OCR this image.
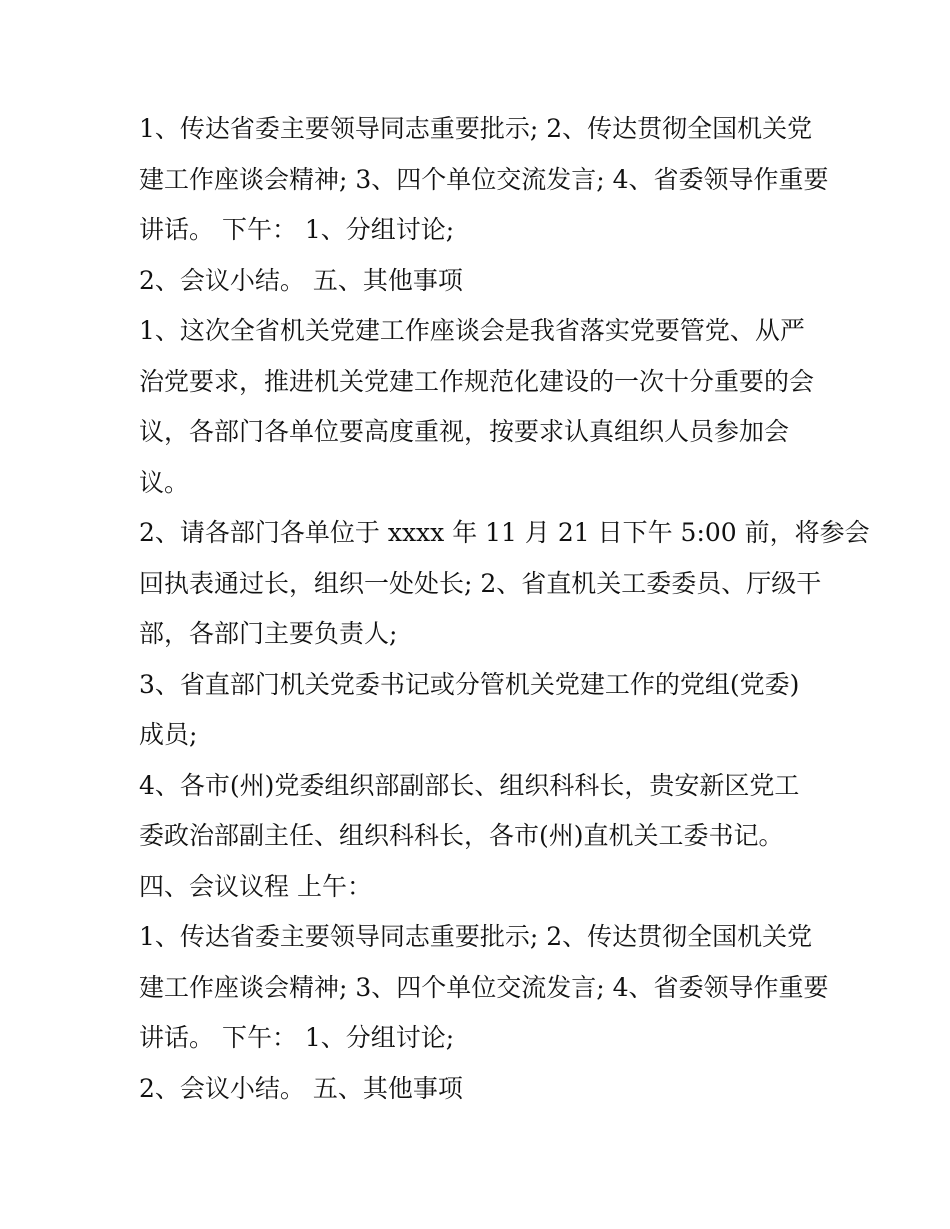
1、传达省委主要领导同志重要批示; 2、传达贯彻全国机关党
建工作座谈会精神; 3、四个单位交流发言; 4、省委领导作重要
讲话。 下午： 1、分组讨论;
2、会议小结。 五、其他事项
1、这次全省机关党建工作座谈会是我省落实党要管党、从严
治党要求，推进机关党建工作规范化建设的一次十分重要的会
议，各部门各单位要高度重视，按要求认真组织人员参加会
议。
2、请各部门各单位于 xxxx 年 11 月 21 日下午 5:00 前，将参会
回执表通过长，组织一处处长; 2、省直机关工委委员、厅级干
部，各部门主要负责人;
3、省直部门机关党委书记或分管机关党建工作的党组(党委)
成员;
4、各市(州)党委组织部副部长、组织科科长，贵安新区党工
委政治部副主任、组织科科长，各市(州)直机关工委书记。
四、会议议程 上午：
1、传达省委主要领导同志重要批示; 2、传达贯彻全国机关党
建工作座谈会精神; 3、四个单位交流发言; 4、省委领导作重要
讲话。 下午： 1、分组讨论;
2、会议小结。 五、其他事项
